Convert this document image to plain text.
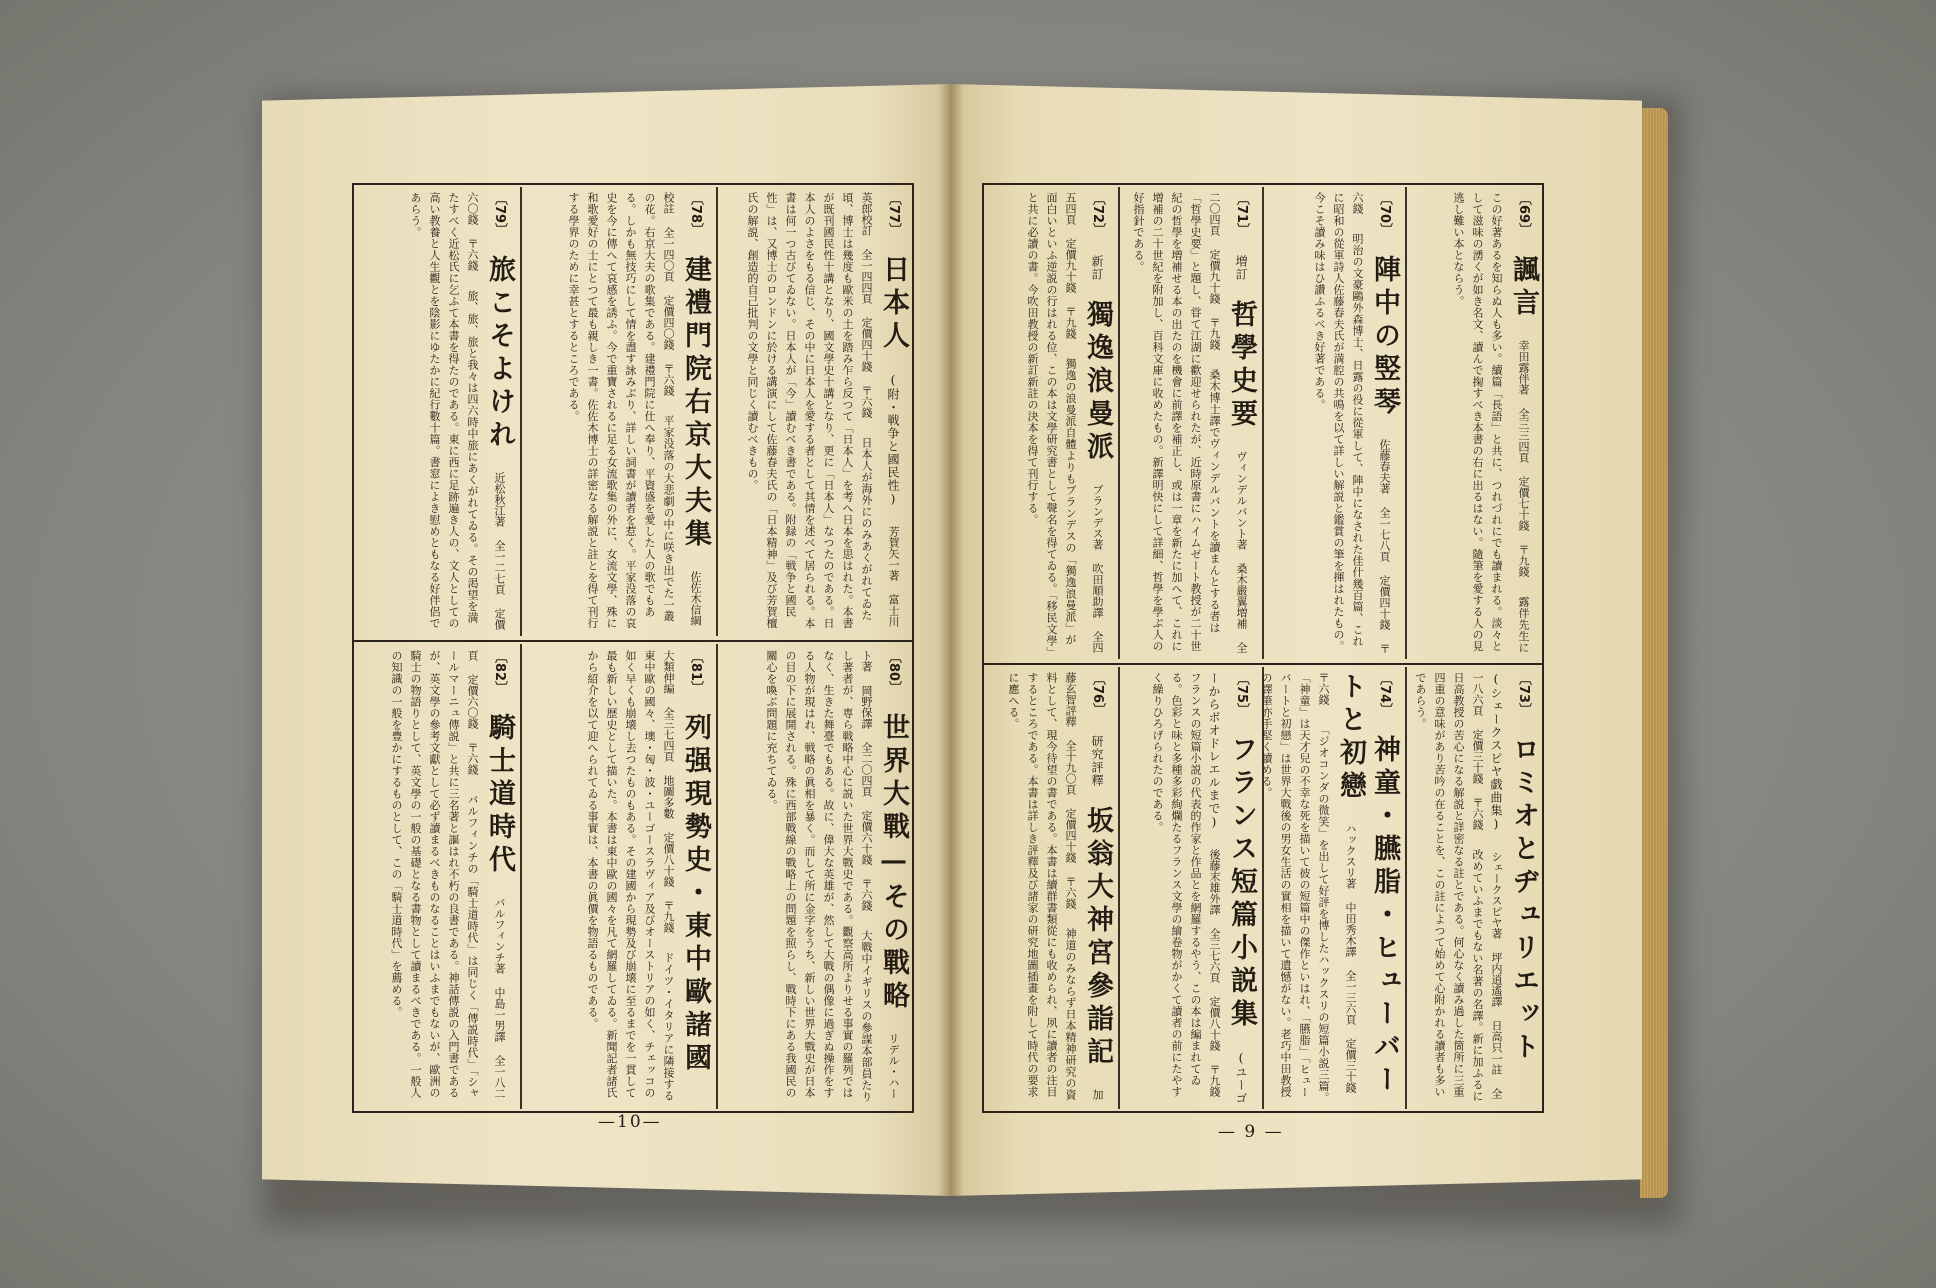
〔77〕 日本人 (附・戦争と國民性) 芳賀矢一著 富士川英郎校訂 全一四四頁 定價四十錢 〒六錢 日本人が海外にのみあくがれてゐた頃、博士は幾度も歐米の土を踏み乍ら反つて「日本人」を考へ日本を思はれた。本書が既刊國民性十講となり、國文學史十講となり、更に「日本人」なつたのである。日本人のよさをもる信じ、その中に日本人を愛する者として其情を述べて居られる。本書は何一つ古びてゐない。日本人が「今」讀むべき書である。附録の「戦争と國民性」は、又博士のロンドンに於ける講演にして佐藤春夫氏の「日本精神」及び芳賀檀氏の解説、創造的自己批判の文學と同じく讀むべきもの。
〔78〕 建禮門院右京大夫集 佐佐木信綱校註 全一四〇頁 定價四〇錢 〒六錢 平家没落の大悲劇の中に咲き出でた一叢の花。右京大夫の歌集である。建禮門院に仕へ奉り、平資盛を愛した人の歌でもある。しかも無技巧にして情を盡す詠みぶり、詳しい詞書が讀者を惹く。平家没落の哀史を今に傳へて哀感を誘ふ。今で重寶されるに足る女流歌集の外に、女流文學、殊に和歌愛好の士にとつて最も親しき一書。佐佐木博士の詳密なる解説と註とを得て刊行する學界のために幸甚とするところである。
〔79〕 旅こそよけれ 近松秋江著 全一二七頁 定價六〇錢 〒六錢 旅、旅、旅と我々は四六時中旅にあくがれてゐる。その渇望を満たすべく近松氏に乞ふて本書を得たのである。東に西に足跡遍き人の、文人としての高い教養と人生觀とを陰影にゆたかに紀行數十篇。書窓によき慰めともなる好伴侶であらう。
〔80〕 世界大戰—その戰略 リデル・ハート著 岡野保譯 全二〇四頁 定價六十錢 〒六錢 大戰中イギリスの參謀本部員たりし著者が、専ら戦略中心に説いた世界大戰史である。觀察高所よりせる事實の羅列ではなく、生きた舞臺でもある。故に、偉大な英雄が、然して大戰の偶像に過ぎぬ操作をする人物が現はれ、戦略の眞相を暴く。而して所に金字をうち、新しい世界大戰史が日本の目の下に展開される。殊に西部戰線の戰略上の問題を照らし、戰時下にある我國民の關心を喚ぶ問題に充ちてゐる。
〔81〕 列强現勢史・東中歐諸國 大類伸編 全三七四頁 地圖多數 定價八十錢 〒九錢 ドイツ・イタリアに隣接する東中歐の國々、墺・匈・波・ユーゴースラヴィア及びオーストリアの如く、チェッコの如く早くも崩壊し去つたものもある。その建國から現勢及び崩壊に至るまでを一貫して最も新しい歴史として描いた。本書は東中歐の國々を凡て網羅してゐる。新聞記者諸氏から紹介を以て迎へられてゐる事實は、本書の眞價を物語るものである。
〔82〕 騎士道時代 バルフィンチ著 中島一男譯 全一八二頁 定價六〇錢 〒六錢 バルフィンチの「騎士道時代」は同じく「傳説時代」「シャールマーニュ傳説」と共に三名著と謳はれ不朽の良書である。神話傳説の入門書であるが、英文學の參考文獻として必ず讀まるべきものなることはいふまでもないが、歐洲の騎士の物語りとして、英文學の一般の基礎となる書物として讀まるべきである。一般人の知識の一般を豊かにするものとして、この「騎士道時代」を薦める。
—10—
〔69〕 諷言 幸田露伴著 全三三四頁 定價七十錢 〒九錢 露伴先生にこの好著あるを知らぬ人も多い。續篇「長語」と共に、つれづれにでも讀まれる。淡々として滋味の湧くが如き名文、讀んで掬すべき本書の右に出るはない。隨筆を愛する人の見逃し難い本とならう。
〔70〕 陣中の竪琴 佐藤春夫著 全一七八頁 定價四十錢 〒六錢 明治の文豪鷗外森博士、日露の役に從軍して、陣中になされた佳什幾百篇、これに昭和の從軍詩人佐藤春夫氏が満腔の共鳴を以て詳しい解説と鑑賞の筆を揮はれたもの。今こそ讀み味はひ讚ふるべき好著である。
〔71〕 増訂 哲學史要 ヴィンデルバント著 桑木嚴翼増補 全二〇四頁 定價九十錢 〒九錢 桑木博士譯でヴィンデルバントを讀まんとする者は「哲學史要」と題し、甞て江湖に歡迎せられたが、近時原書にハイムゼート教授が二十世紀の哲學を増補せる本の出たのを機會に前譯を補正し、或は一章を新たに加へて、これに増補の二十世紀を附加し、百科文庫に收めたもの。新譯明快にして詳細、哲學を學ぶ人の好指針である。
〔72〕 新訂 獨逸浪曼派 ブランデス著 吹田順助譯 全四五四頁 定價九十錢 〒九錢 獨逸の浪曼派自體よりもブランデスの「獨逸浪曼派」が面白いといふ逆説の行はれる位、この本は文學研究書として聲名を得てゐる。「移民文學」と共に必讀の書。今吹田教授の新訂新註の決本を得て刊行する。
〔73〕 ロミオとヂュリエット (シェークスピヤ戯曲集) シェークスピヤ著 坪内逍遙譯 日高只一註 全一八六頁 定價三十錢 〒六錢 改めていふまでもない名著の名譯。新に加ふるに日高教授の苦心になる解説と詳密なる註とである。何心なく讀み過した箇所に三重四重の意味があり苦吟の在ることを、この註によつて始めて心附かれる讀者も多いであらう。
〔74〕 神童・臙脂・ヒューバートと初戀 ハックスリ著 中田秀木譯 全一三六頁 定價三十錢 〒六錢 「ジオコンダの微笑」を出して好評を博したハックスリの短篇小説三篇。「神童」は天才兒の不幸な死を描いて彼の短篇中の傑作といはれ、「臙脂」「ヒューバートと初戀」は世界大戰後の男女生活の實相を描いて遺憾がない。老巧中田教授の譯筆亦手堅く讀める。
〔75〕 フランス短篇小説集 (ユーゴーからボオドレエルまで) 後藤末雄外譯 全三七六頁 定價八十錢 〒九錢 フランスの短篇小説の代表的作家と作品とを網羅するやう、この本は編まれてゐる。色彩と味と多種多彩絢爛たるフランス文學の繪卷物がかくて讀者の前にたやすく繰りひろげられたのである。
〔76〕 研究評釋 坂翁大神宮參詣記 加藤玄智評釋 全十九〇頁 定價四十錢 〒六錢 神道のみならず日本精神研究の資料として、現今待望の書である。本書は續群書類從にも收められ、夙に讀者の注目するところである。本書は詳しき評釋及び諸家の研究地圖插畫を附して時代の要求に應へる。
— 9 —
